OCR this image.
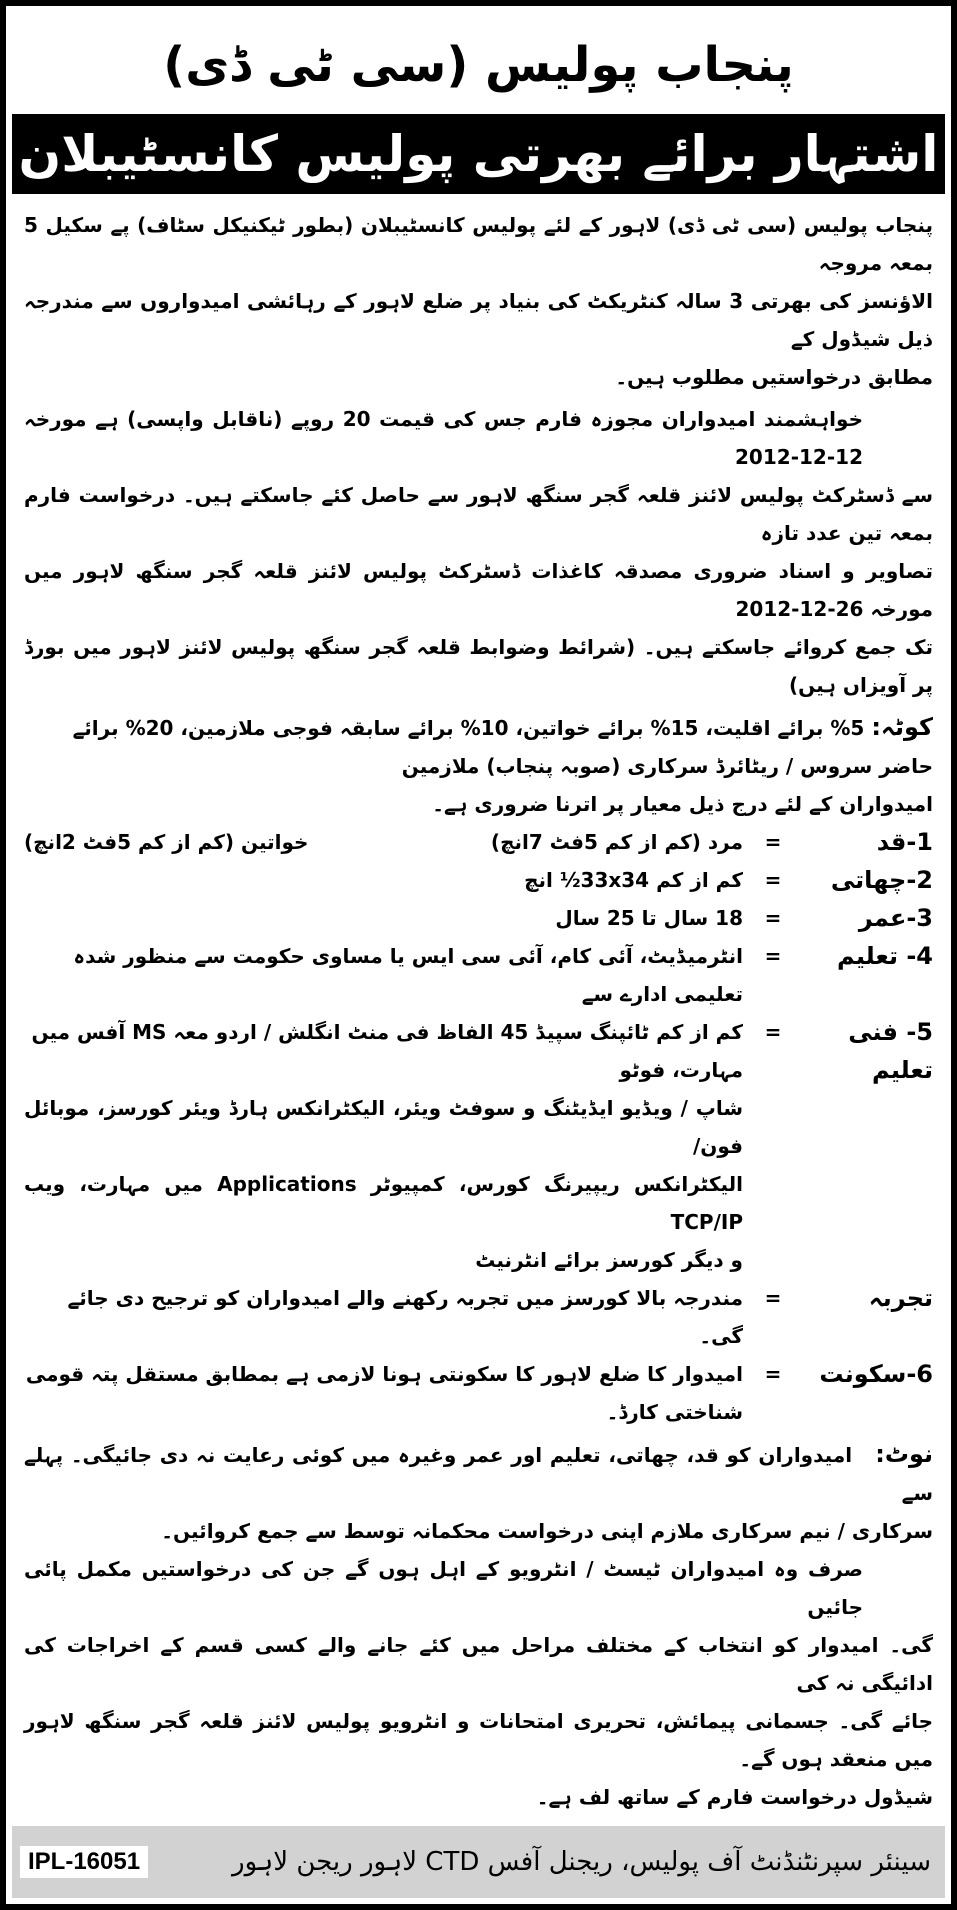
پنجاب پولیس (سی ٹی ڈی)
اشتہار برائے بھرتی پولیس کانسٹیبلان
پنجاب پولیس (سی ٹی ڈی) لاہور کے لئے پولیس کانسٹیبلان (بطور ٹیکنیکل سٹاف) پے سکیل 5 بمعہ مروجہ
الاؤنسز کی بھرتی 3 سالہ کنٹریکٹ کی بنیاد پر ضلع لاہور کے رہائشی امیدواروں سے مندرجہ ذیل شیڈول کے
مطابق درخواستیں مطلوب ہیں۔
خواہشمند امیدواران مجوزہ فارم جس کی قیمت 20 روپے (ناقابل واپسی) ہے مورخہ 12-12-2012
سے ڈسٹرکٹ پولیس لائنز قلعہ گجر سنگھ لاہور سے حاصل کئے جاسکتے ہیں۔ درخواست فارم بمعہ تین عدد تازہ
تصاویر و اسناد ضروری مصدقہ کاغذات ڈسٹرکٹ پولیس لائنز قلعہ گجر سنگھ لاہور میں مورخہ 26-12-2012
تک جمع کروائے جاسکتے ہیں۔ (شرائط وضوابط قلعہ گجر سنگھ پولیس لائنز لاہور میں بورڈ پر آویزاں ہیں)
کوٹہ: 5% برائے اقلیت، 15% برائے خواتین، 10% برائے سابقہ فوجی ملازمین، 20% برائے
حاضر سروس / ریٹائرڈ سرکاری (صوبہ پنجاب) ملازمین
امیدواران کے لئے درج ذیل معیار پر اترنا ضروری ہے۔
1-قد
=
مرد (کم از کم 5فٹ 7انچ)
خواتین (کم از کم 5فٹ 2انچ)
2-چھاتی
=
کم از کم 33x34½ انچ
3-عمر
=
18 سال تا 25 سال
4- تعلیم
=
انٹرمیڈیٹ، آئی کام، آئی سی ایس یا مساوی حکومت سے منظور شدہ تعلیمی ادارے سے
5- فنی تعلیم
=
کم از کم ٹائپنگ سپیڈ 45 الفاظ فی منٹ انگلش / اردو معہ MS آفس میں مہارت، فوٹو
شاپ / ویڈیو ایڈیٹنگ و سوفٹ ویئر، الیکٹرانکس ہارڈ ویئر کورسز، موبائل فون/
الیکٹرانکس ریپیرنگ کورس، کمپیوٹر Applications میں مہارت، ویب TCP/IP
و دیگر کورسز برائے انٹرنیٹ
تجربہ
=
مندرجہ بالا کورسز میں تجربہ رکھنے والے امیدواران کو ترجیح دی جائے گی۔
6-سکونت
=
امیدوار کا ضلع لاہور کا سکونتی ہونا لازمی ہے بمطابق مستقل پتہ قومی شناختی کارڈ۔
نوٹ:   امیدواران کو قد، چھاتی، تعلیم اور عمر وغیرہ میں کوئی رعایت نہ دی جائیگی۔ پہلے سے
سرکاری / نیم سرکاری ملازم اپنی درخواست محکمانہ توسط سے جمع کروائیں۔
صرف وہ امیدواران ٹیسٹ / انٹرویو کے اہل ہوں گے جن کی درخواستیں مکمل پائی جائیں
گی۔ امیدوار کو انتخاب کے مختلف مراحل میں کئے جانے والے کسی قسم کے اخراجات کی ادائیگی نہ کی
جائے گی۔ جسمانی پیمائش، تحریری امتحانات و انٹرویو پولیس لائنز قلعہ گجر سنگھ لاہور میں منعقد ہوں گے۔
شیڈول درخواست فارم کے ساتھ لف ہے۔
سینئر سپرنٹنڈنٹ آف پولیس، ریجنل آفس CTD لاہور ریجن لاہور
IPL-16051
